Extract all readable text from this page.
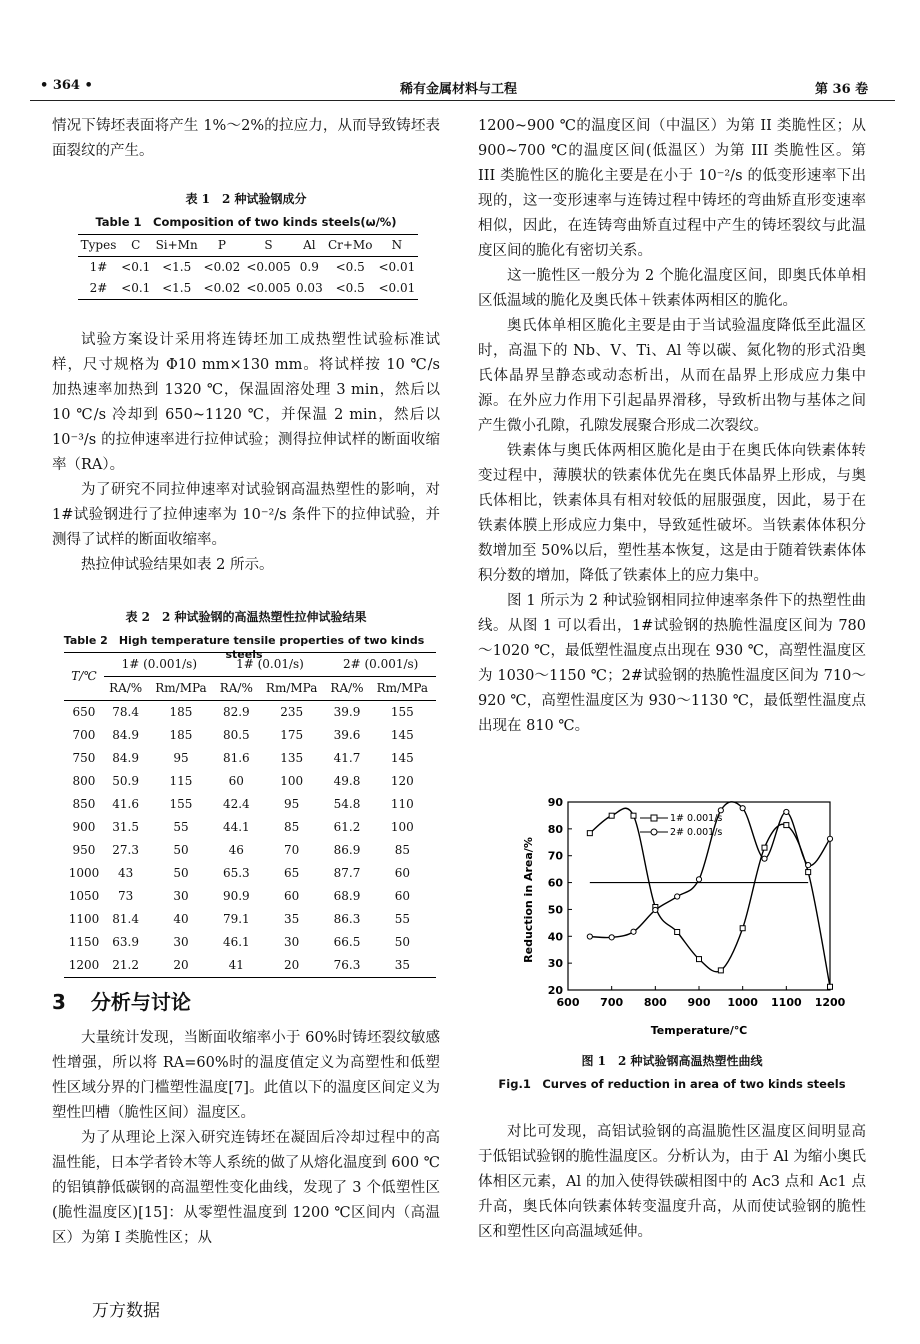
• 364 •	稀有金属材料与工程	第 36 卷

情况下铸坯表面将产生 1%～2%的拉应力，从而导致铸坯表面裂纹的产生。

表 1　2 种试验钢成分
Table 1　Composition of two kinds steels(ω/%)
Types	C	Si+Mn	P	S	Al	Cr+Mo	N
1#	<0.1	<1.5	<0.02	<0.005	0.9	<0.5	<0.01
2#	<0.1	<1.5	<0.02	<0.005	0.03	<0.5	<0.01

试验方案设计采用将连铸坯加工成热塑性试验标准试样，尺寸规格为 Φ10 mm×130 mm。将试样按 10 ℃/s 加热速率加热到 1320 ℃，保温固溶处理 3 min，然后以 10 ℃/s 冷却到 650~1120 ℃，并保温 2 min，然后以 10⁻³/s 的拉伸速率进行拉伸试验；测得拉伸试样的断面收缩率（RA）。

为了研究不同拉伸速率对试验钢高温热塑性的影响，对 1#试验钢进行了拉伸速率为 10⁻²/s 条件下的拉伸试验，并测得了试样的断面收缩率。

热拉伸试验结果如表 2 所示。

表 2　2 种试验钢的高温热塑性拉伸试验结果
Table 2　High temperature tensile properties of two kinds steels
T/℃	1# (0.001/s)		1# (0.01/s)		2# (0.001/s)	
	RA/%	Rm/MPa	RA/%	Rm/MPa	RA/%	Rm/MPa
650	78.4	185	82.9	235	39.9	155
700	84.9	185	80.5	175	39.6	145
750	84.9	95	81.6	135	41.7	145
800	50.9	115	60	100	49.8	120
850	41.6	155	42.4	95	54.8	110
900	31.5	55	44.1	85	61.2	100
950	27.3	50	46	70	86.9	85
1000	43	50	65.3	65	87.7	60
1050	73	30	90.9	60	68.9	60
1100	81.4	40	79.1	35	86.3	55
1150	63.9	30	46.1	30	66.5	50
1200	21.2	20	41	20	76.3	35
3 分析与讨论

大量统计发现，当断面收缩率小于 60%时铸坯裂纹敏感性增强，所以将 RA=60%时的温度值定义为高塑性和低塑性区域分界的门槛塑性温度[7]。此值以下的温度区间定义为塑性凹槽（脆性区间）温度区。

为了从理论上深入研究连铸坯在凝固后冷却过程中的高温性能，日本学者铃木等人系统的做了从熔化温度到 600 ℃的铝镇静低碳钢的高温塑性变化曲线，发现了 3 个低塑性区(脆性温度区)[15]：从零塑性温度到 1200 ℃区间内（高温区）为第 I 类脆性区；从

万方数据

1200~900 ℃的温度区间（中温区）为第 II 类脆性区；从 900~700 ℃的温度区间(低温区）为第 III 类脆性区。第 III 类脆性区的脆化主要是在小于 10⁻²/s 的低变形速率下出现的，这一变形速率与连铸过程中铸坯的弯曲矫直形变速率相似，因此，在连铸弯曲矫直过程中产生的铸坯裂纹与此温度区间的脆化有密切关系。

这一脆性区一般分为 2 个脆化温度区间，即奥氏体单相区低温域的脆化及奥氏体＋铁素体两相区的脆化。

奥氏体单相区脆化主要是由于当试验温度降低至此温区时，高温下的 Nb、V、Ti、Al 等以碳、氮化物的形式沿奥氏体晶界呈静态或动态析出，从而在晶界上形成应力集中源。在外应力作用下引起晶界滑移，导致析出物与基体之间产生微小孔隙，孔隙发展聚合形成二次裂纹。

铁素体与奥氏体两相区脆化是由于在奥氏体向铁素体转变过程中，薄膜状的铁素体优先在奥氏体晶界上形成，与奥氏体相比，铁素体具有相对较低的屈服强度，因此，易于在铁素体膜上形成应力集中，导致延性破坏。当铁素体体积分数增加至 50%以后，塑性基本恢复，这是由于随着铁素体体积分数的增加，降低了铁素体上的应力集中。

图 1 所示为 2 种试验钢相同拉伸速率条件下的热塑性曲线。从图 1 可以看出，1#试验钢的热脆性温度区间为 780～1020 ℃，最低塑性温度点出现在 930 ℃，高塑性温度区为 1030～1150 ℃；2#试验钢的热脆性温度区间为 710～920 ℃，高塑性温度区为 930～1130 ℃，最低塑性温度点出现在 810 ℃。

600 700 800 900 1000 1100 1200
20
30
40
50
60
70
80
90
Reduction in Area/%
Temperature/℃
1# 0.001/s
2# 0.001/s
图 1　2 种试验钢高温热塑性曲线
Fig.1　Curves of reduction in area of two kinds steels

对比可发现，高铝试验钢的高温脆性区温度区间明显高于低铝试验钢的脆性温度区。分析认为，由于 Al 为缩小奥氏体相区元素，Al 的加入使得铁碳相图中的 Ac3 点和 Ac1 点升高，奥氏体向铁素体转变温度升高，从而使试验钢的脆性区和塑性区向高温域延伸。
